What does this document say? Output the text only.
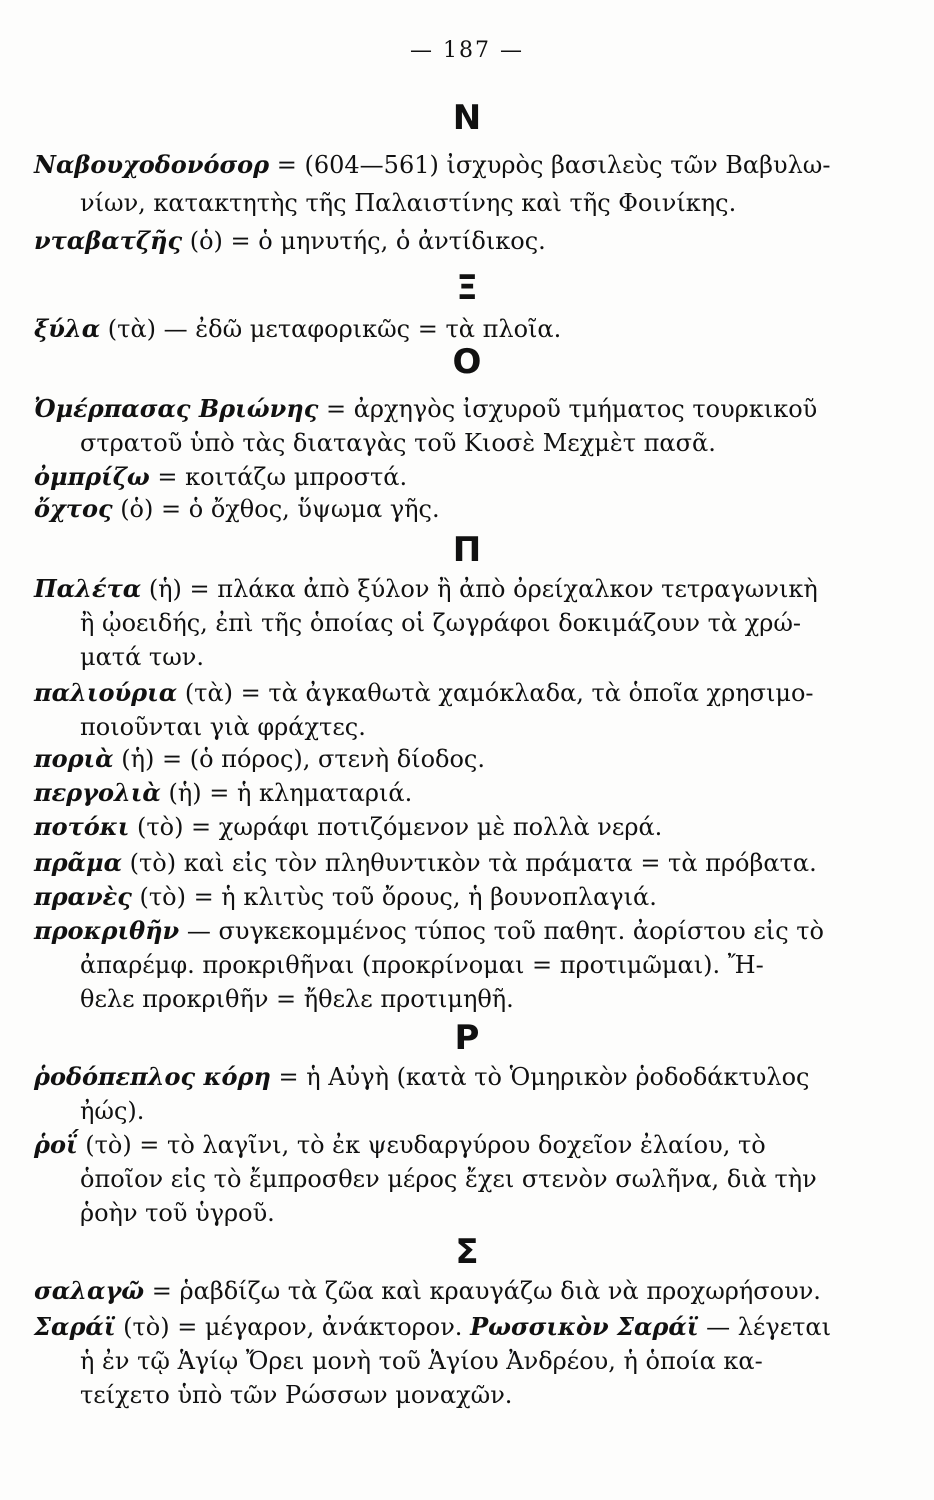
— 187 —
N
Ναβουχοδονόσορ = (604—561) ἰσχυρὸς βασιλεὺς τῶν Βαβυλω-
νίων, κατακτητὴς τῆς Παλαιστίνης καὶ τῆς Φοινίκης.
νταβατζῆς (ὁ) = ὁ μηνυτής, ὁ ἀντίδικος.
Ξ
ξύλα (τὰ) — ἐδῶ μεταφορικῶς = τὰ πλοῖα.
Ο
Ὀμέρπασας Βριώνης = ἀρχηγὸς ἰσχυροῦ τμήματος τουρκικοῦ
στρατοῦ ὑπὸ τὰς διαταγὰς τοῦ Κιοσὲ Μεχμὲτ πασᾶ.
ὀμπρίζω = κοιτάζω μπροστά.
ὄχτος (ὁ) = ὁ ὄχθος, ὕψωμα γῆς.
Π
Παλέτα (ἡ) = πλάκα ἀπὸ ξύλον ἢ ἀπὸ ὀρείχαλκον τετραγωνικὴ
ἢ ᾠοειδής, ἐπὶ τῆς ὁποίας οἱ ζωγράφοι δοκιμάζουν τὰ χρώ-
ματά των.
παλιούρια (τὰ) = τὰ ἀγκαθωτὰ χαμόκλαδα, τὰ ὁποῖα χρησιμο-
ποιοῦνται γιὰ φράχτες.
πoριὰ (ἡ) = (ὁ πόρος), στενὴ δίοδος.
περγολιὰ (ἡ) = ἡ κληματαριά.
ποτόκι (τὸ) = χωράφι ποτιζόμενον μὲ πολλὰ νερά.
πρᾶμα (τὸ) καὶ εἰς τὸν πληθυντικὸν τὰ πράματα = τὰ πρόβατα.
πρανὲς (τὸ) = ἡ κλιτὺς τοῦ ὄρους, ἡ βουνοπλαγιά.
προκριθῆν — συγκεκομμένος τύπος τοῦ παθητ. ἀορίστου εἰς τὸ
ἀπαρέμφ. προκριθῆναι (προκρίνομαι = προτιμῶμαι). Ἤ-
θελε προκριθῆν = ἤθελε προτιμηθῆ.
Ρ
ῥοδόπεπλος κόρη = ἡ Αὐγὴ (κατὰ τὸ Ὁμηρικὸν ῥοδοδάκτυλος
ἠώς).
ῥοΐ (τὸ) = τὸ λαγῖνι, τὸ ἐκ ψευδαργύρου δοχεῖον ἐλαίου, τὸ
ὁποῖον εἰς τὸ ἔμπροσθεν μέρος ἔχει στενὸν σωλῆνα, διὰ τὴν
ῥοὴν τοῦ ὑγροῦ.
Σ
σαλαγῶ = ῥαβδίζω τὰ ζῶα καὶ κραυγάζω διὰ νὰ προχωρήσουν.
Σαράϊ (τὸ) = μέγαρον, ἀνάκτορον. Ρωσσικὸν Σαράϊ — λέγεται
ἡ ἐν τῷ Ἁγίῳ Ὄρει μονὴ τοῦ Ἁγίου Ἀνδρέου, ἡ ὁποία κα-
τείχετο ὑπὸ τῶν Ρώσσων μοναχῶν.
